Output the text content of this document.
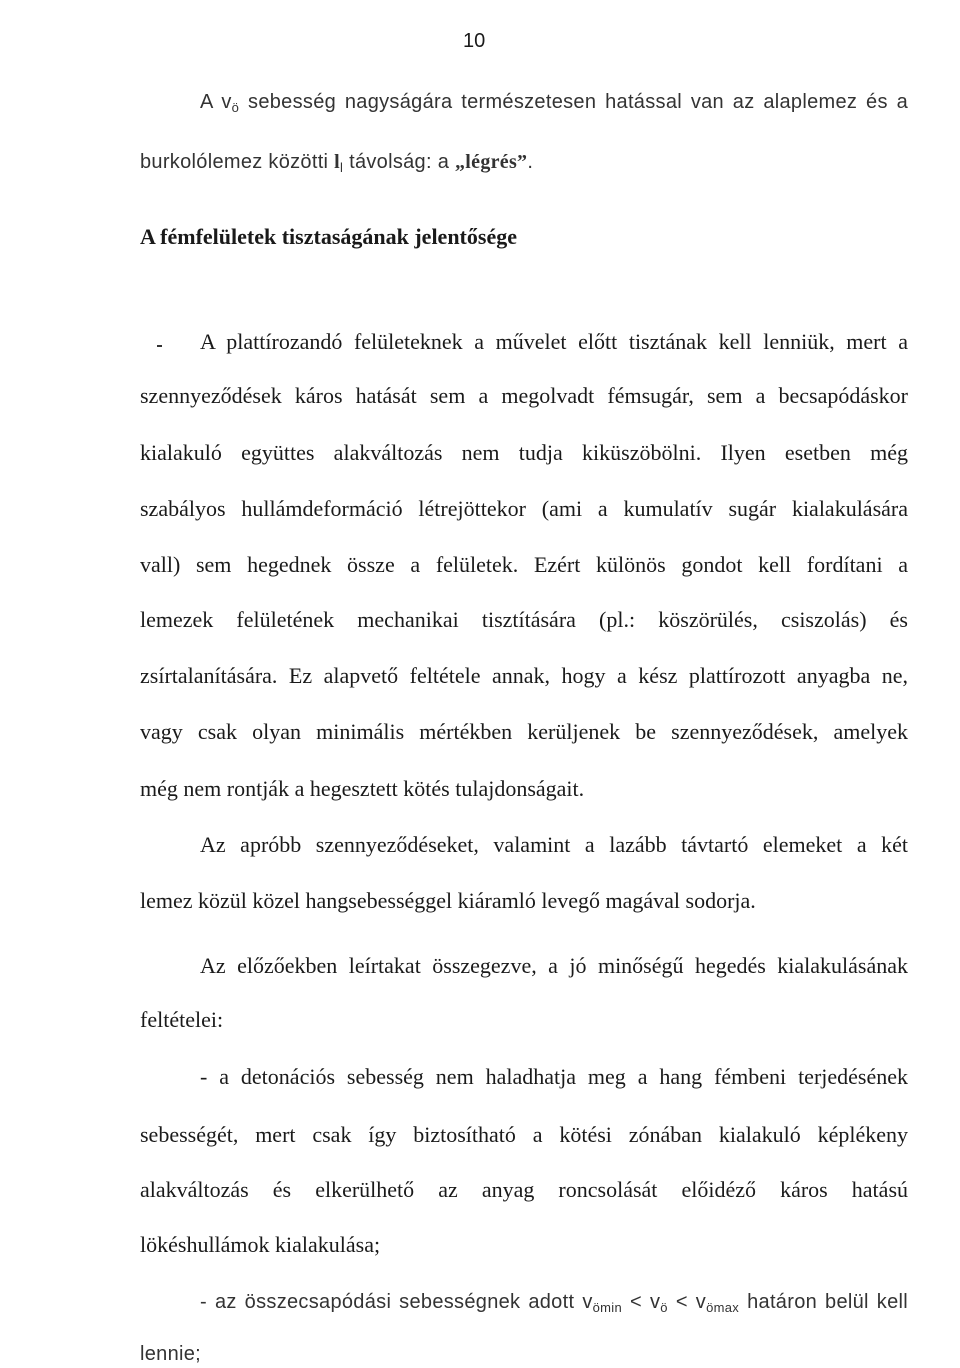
10
A $v_ö$ sebesség nagyságára természetesen hatással van az alaplemez és a
burkolólemez közötti $l_l$ távolság: a „légrés”.
A fémfelületek tisztaságának jelentősége
A plattírozandó felületeknek a művelet előtt tisztának kell lenniük, mert a
szennyeződések káros hatását sem a megolvadt fémsugár, sem a becsapódáskor
kialakuló együttes alakváltozás nem tudja kiküszöbölni. Ilyen esetben még
szabályos hullámdeformáció létrejöttekor (ami a kumulatív sugár kialakulására
vall) sem hegednek össze a felületek. Ezért különös gondot kell fordítani a
lemezek felületének mechanikai tisztítására (pl.: köszörülés, csiszolás) és
zsírtalanítására. Ez alapvető feltétele annak, hogy a kész plattírozott anyagba ne,
vagy csak olyan minimális mértékben kerüljenek be szennyeződések, amelyek
még nem rontják a hegesztett kötés tulajdonságait.
Az apróbb szennyeződéseket, valamint a lazább távtartó elemeket a két
lemez közül közel hangsebességgel kiáramló levegő magával sodorja.
Az előzőekben leírtakat összegezve, a jó minőségű hegedés kialakulásának
feltételei:
- a detonációs sebesség nem haladhatja meg a hang fémbeni terjedésének
sebességét, mert csak így biztosítható a kötési zónában kialakuló képlékeny
alakváltozás és elkerülhető az anyag roncsolását előidéző káros hatású
lökéshullámok kialakulása;
- az összecsapódási sebességnek adott $v_{ömin} < v_ö < v_{ömax}$ határon belül kell
lennie;
